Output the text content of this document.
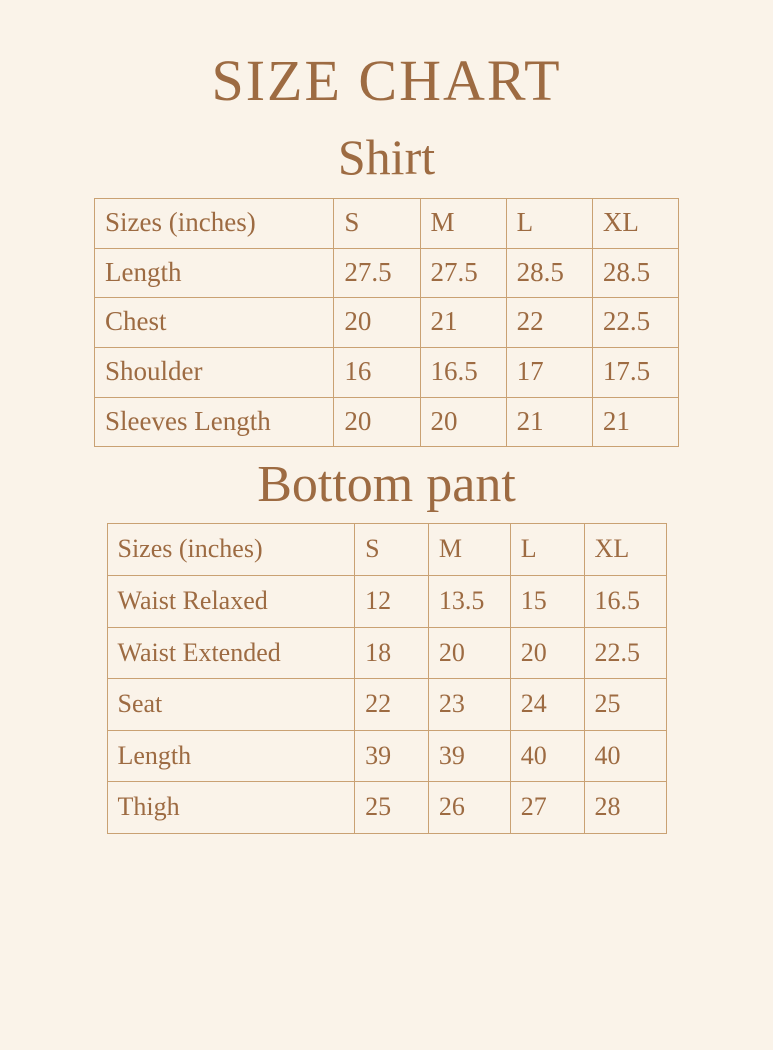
SIZE CHART
Shirt
Sizes (inches)	S	M	L	XL
Length	27.5	27.5	28.5	28.5
Chest	20	21	22	22.5
Shoulder	16	16.5	17	17.5
Sleeves Length	20	20	21	21
Bottom pant
Sizes (inches)	S	M	L	XL
Waist Relaxed	12	13.5	15	16.5
Waist Extended	18	20	20	22.5
Seat	22	23	24	25
Length	39	39	40	40
Thigh	25	26	27	28
